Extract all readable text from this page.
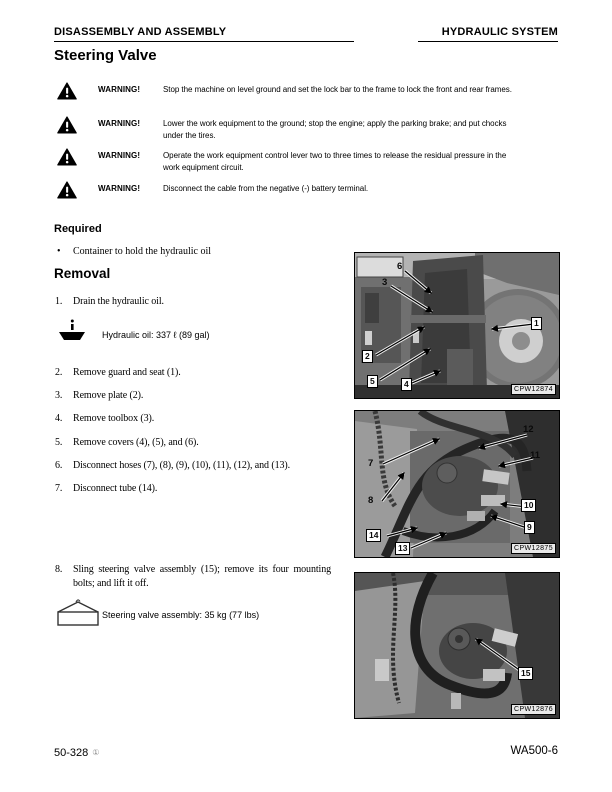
DISASSEMBLY AND ASSEMBLY	HYDRAULIC SYSTEM
Steering Valve
WARNING!	Stop the machine on level ground and set the lock bar to the frame to lock the front and rear frames.
WARNING!	Lower the work equipment to the ground; stop the engine; apply the parking brake; and put chocks under the tires.
WARNING!	Operate the work equipment control lever two to three times to release the residual pressure in the work equipment circuit.
WARNING!	Disconnect the cable from the negative (-) battery terminal.
Required
• Container to hold the hydraulic oil
Removal
1. Drain the hydraulic oil.
Hydraulic oil: 337 ℓ (89 gal)
2. Remove guard and seat (1).
3. Remove plate (2).
4. Remove toolbox (3).
5. Remove covers (4), (5), and (6).
6. Disconnect hoses (7), (8), (9), (10), (11), (12), and (13).
7. Disconnect tube (14).
8. Sling steering valve assembly (15); remove its four mounting bolts; and lift it off.
Steering valve assembly: 35 kg (77 lbs)
6
3
1
2
5	4
CPW12874
12
11
7
8	10
9
14
13	CPW12875
15
CPW12876
50-328 ①	WA500-6
